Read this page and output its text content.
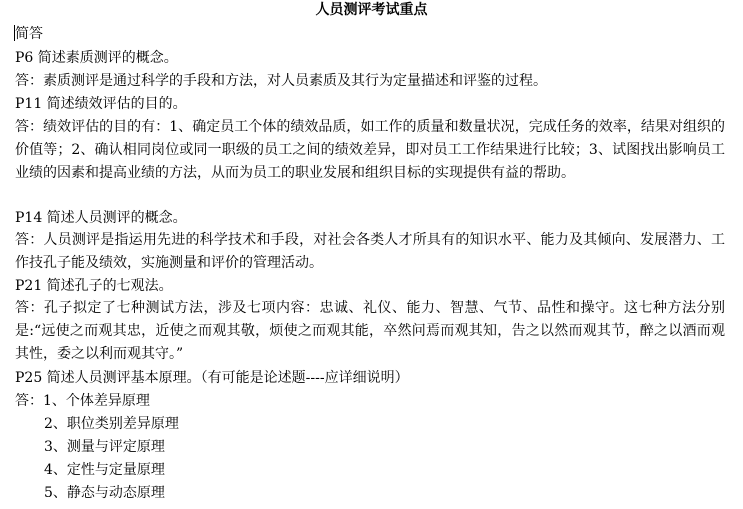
人员测评考试重点
简答
P6 简述素质测评的概念。
答：素质测评是通过科学的手段和方法，对人员素质及其行为定量描述和评鉴的过程。
P11 简述绩效评估的目的。
答：绩效评估的目的有：1、确定员工个体的绩效品质，如工作的质量和数量状况，完成任务的效率，结果对组织的价值等；2、确认相同岗位或同一职级的员工之间的绩效差异，即对员工工作结果进行比较；3、试图找出影响员工业绩的因素和提高业绩的方法，从而为员工的职业发展和组织目标的实现提供有益的帮助。
P14 简述人员测评的概念。
答：人员测评是指运用先进的科学技术和手段，对社会各类人才所具有的知识水平、能力及其倾向、发展潜力、工作技孔子能及绩效，实施测量和评价的管理活动。
P21 简述孔子的七观法。
答：孔子拟定了七种测试方法，涉及七项内容：忠诚、礼仪、能力、智慧、气节、品性和操守。这七种方法分别是:“远使之而观其忠，近使之而观其敬，烦使之而观其能，卒然问焉而观其知，告之以然而观其节，醉之以酒而观其性，委之以利而观其守。”
P25 简述人员测评基本原理。（有可能是论述题----应详细说明）
答：1、个体差异原理
2、职位类别差异原理
3、测量与评定原理
4、定性与定量原理
5、静态与动态原理
